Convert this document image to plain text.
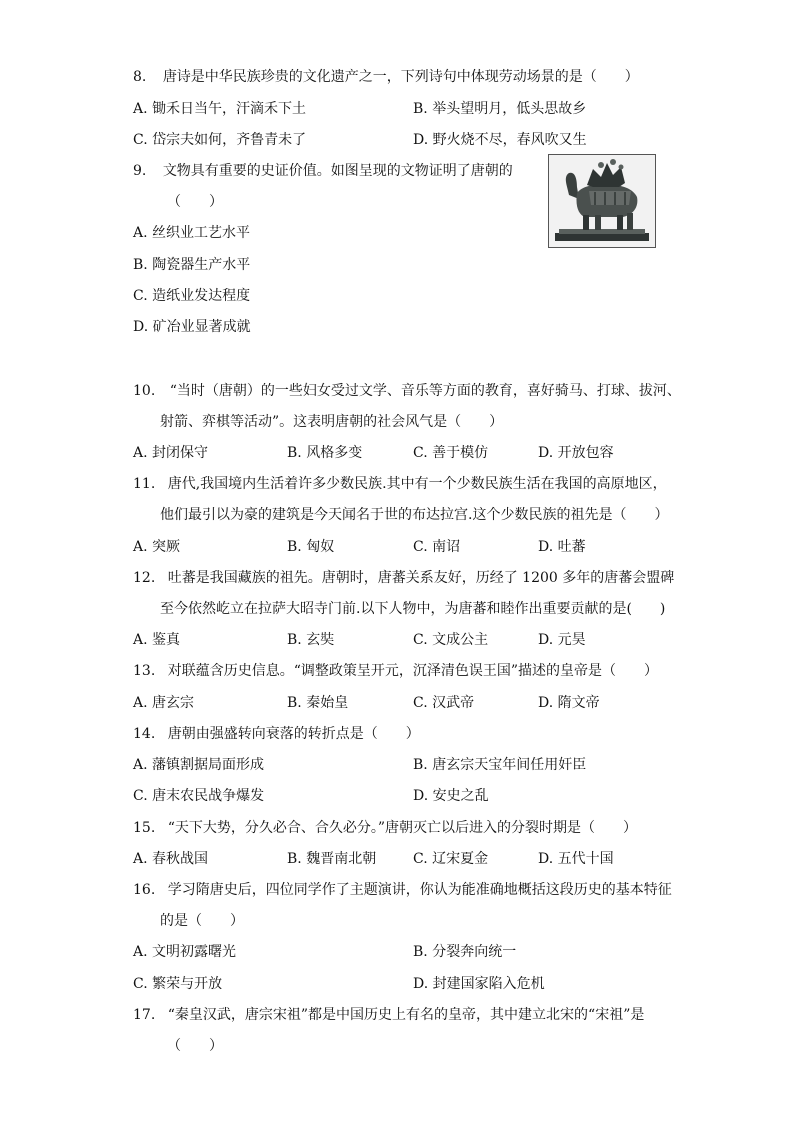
8. 唐诗是中华民族珍贵的文化遗产之一，下列诗句中体现劳动场景的是（　　）
A. 锄禾日当午，汗滴禾下土	B. 举头望明月，低头思故乡
C. 岱宗夫如何，齐鲁青未了	D. 野火烧不尽，春风吹又生
9. 文物具有重要的史证价值。如图呈现的文物证明了唐朝的
（　　）
A. 丝织业工艺水平
B. 陶瓷器生产水平
C. 造纸业发达程度
D. 矿冶业显著成就
10. “当时（唐朝）的一些妇女受过文学、音乐等方面的教育，喜好骑马、打球、拔河、
射箭、弈棋等活动”。这表明唐朝的社会风气是（　　）
A. 封闭保守	B. 风格多变	C. 善于模仿	D. 开放包容
11. 唐代,我国境内生活着许多少数民族.其中有一个少数民族生活在我国的高原地区，
他们最引以为豪的建筑是今天闻名于世的布达拉宫.这个少数民族的祖先是（　　）
A. 突厥	B. 匈奴	C. 南诏	D. 吐蕃
12. 吐蕃是我国藏族的祖先。唐朝时，唐蕃关系友好，历经了 1200 多年的唐蕃会盟碑
至今依然屹立在拉萨大昭寺门前.以下人物中，为唐蕃和睦作出重要贡献的是(　　)
A. 鉴真	B. 玄奘	C. 文成公主	D. 元昊
13. 对联蕴含历史信息。“调整政策呈开元，沉泽清色误王国”描述的皇帝是（　　）
A. 唐玄宗	B. 秦始皇	C. 汉武帝	D. 隋文帝
14. 唐朝由强盛转向衰落的转折点是（　　）
A. 藩镇割据局面形成	B. 唐玄宗天宝年间任用奸臣
C. 唐末农民战争爆发	D. 安史之乱
15. “天下大势，分久必合、合久必分。”唐朝灭亡以后进入的分裂时期是（　　）
A. 春秋战国	B. 魏晋南北朝	C. 辽宋夏金	D. 五代十国
16. 学习隋唐史后，四位同学作了主题演讲，你认为能准确地概括这段历史的基本特征
的是（　　）
A. 文明初露曙光	B. 分裂奔向统一
C. 繁荣与开放	D. 封建国家陷入危机
17. “秦皇汉武，唐宗宋祖”都是中国历史上有名的皇帝，其中建立北宋的“宋祖”是
（　　）
